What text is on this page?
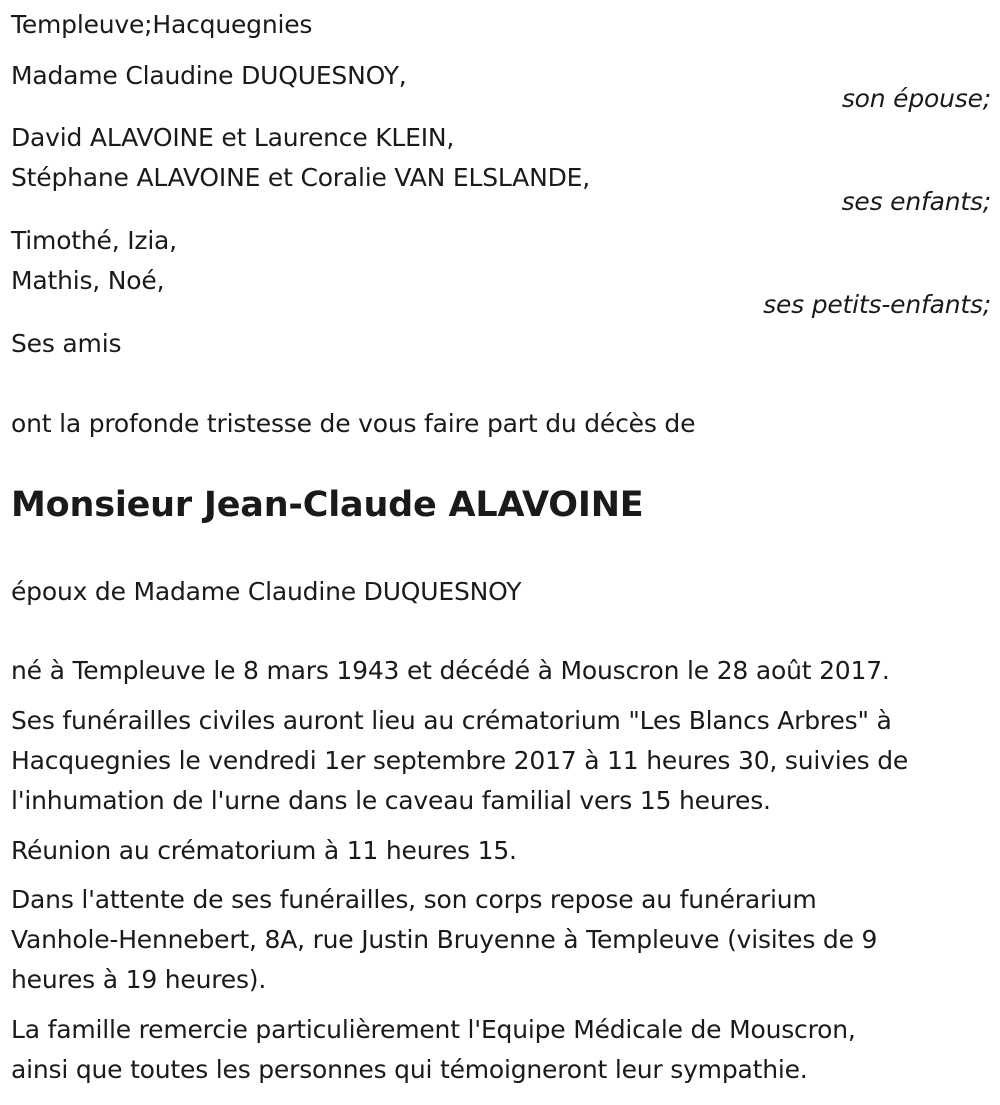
Templeuve;Hacquegnies
Madame Claudine DUQUESNOY,
son épouse;
David ALAVOINE et Laurence KLEIN,
Stéphane ALAVOINE et Coralie VAN ELSLANDE,
ses enfants;
Timothé, Izia,
Mathis, Noé,
ses petits-enfants;
Ses amis
ont la profonde tristesse de vous faire part du décès de
Monsieur Jean-Claude ALAVOINE
époux de Madame Claudine DUQUESNOY
né à Templeuve le 8 mars 1943 et décédé à Mouscron le 28 août 2017.
Ses funérailles civiles auront lieu au crématorium "Les Blancs Arbres" à
Hacquegnies le vendredi 1er septembre 2017 à 11 heures 30, suivies de
l'inhumation de l'urne dans le caveau familial vers 15 heures.
Réunion au crématorium à 11 heures 15.
Dans l'attente de ses funérailles, son corps repose au funérarium
Vanhole-Hennebert, 8A, rue Justin Bruyenne à Templeuve (visites de 9
heures à 19 heures).
La famille remercie particulièrement l'Equipe Médicale de Mouscron,
ainsi que toutes les personnes qui témoigneront leur sympathie.
